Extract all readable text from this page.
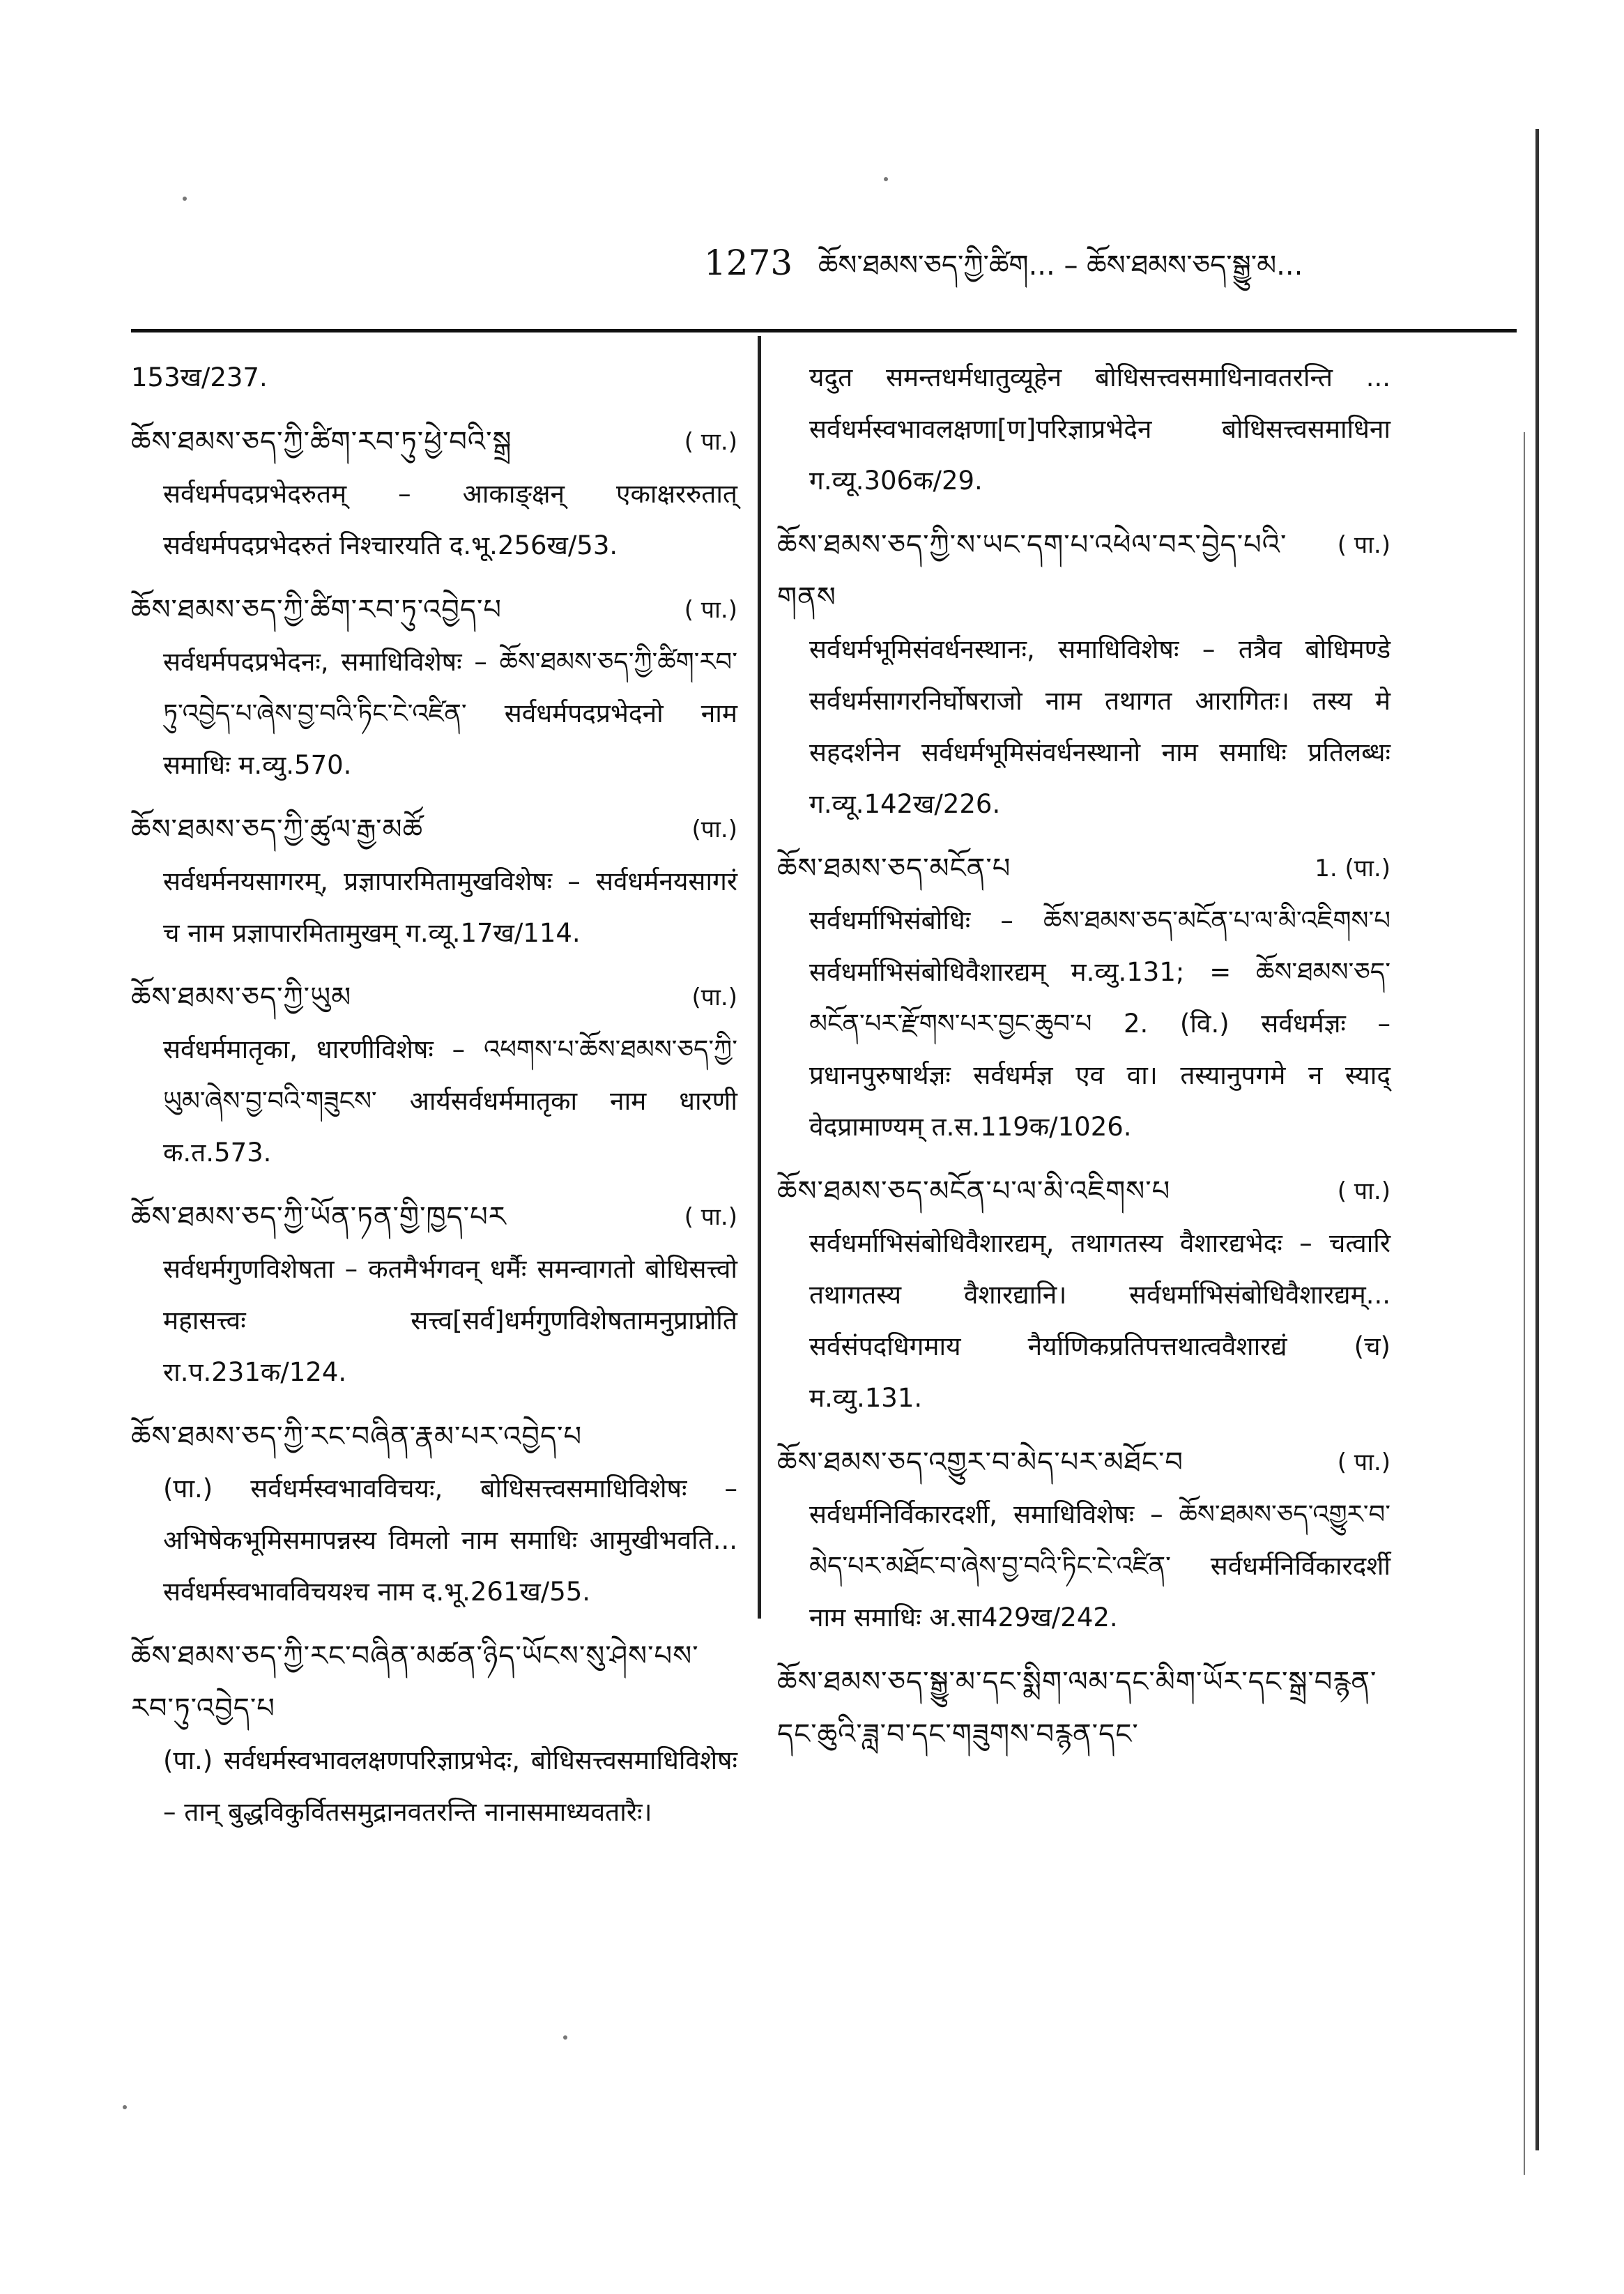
1273 ཆོས་ཐམས་ཅད་ཀྱི་ཚིག... – ཆོས་ཐམས་ཅད་སྒྱུ་མ...

153ख/237.

( पा.)
ཆོས་ཐམས་ཅད་ཀྱི་ཚིག་རབ་ཏུ་ཕྱེ་བའི་སྒྲ

सर्वधर्मपदप्रभेदरुतम् – आकाङ्क्षन् एकाक्षररुतात् सर्वधर्मपदप्रभेदरुतं निश्चारयति द.भू.256ख/53.

( पा.)
ཆོས་ཐམས་ཅད་ཀྱི་ཚིག་རབ་ཏུ་འབྱེད་པ

सर्वधर्मपदप्रभेदनः, समाधिविशेषः – ཆོས་ཐམས་ཅད་ཀྱི་ཚིག་རབ་ཏུ་འབྱེད་པ་ཞེས་བྱ་བའི་ཏིང་ངེ་འཛིན་ सर्वधर्मपदप्रभेदनो नाम समाधिः म.व्यु.570.

(पा.)
ཆོས་ཐམས་ཅད་ཀྱི་ཚུལ་རྒྱ་མཚོ

सर्वधर्मनयसागरम्, प्रज्ञापारमितामुखविशेषः – सर्वधर्मनयसागरं च नाम प्रज्ञापारमितामुखम् ग.व्यू.17ख/114.

(पा.)
ཆོས་ཐམས་ཅད་ཀྱི་ཡུམ

सर्वधर्ममातृका, धारणीविशेषः – འཕགས་པ་ཆོས་ཐམས་ཅད་ཀྱི་ཡུམ་ཞེས་བྱ་བའི་གཟུངས་ आर्यसर्वधर्ममातृका नाम धारणी क.त.573.

( पा.)
ཆོས་ཐམས་ཅད་ཀྱི་ཡོན་ཏན་གྱི་ཁྱད་པར

सर्वधर्मगुणविशेषता – कतमैर्भगवन् धर्मैः समन्वागतो बोधिसत्त्वो महासत्त्वः सत्त्व[सर्व]धर्मगुणविशेषतामनुप्राप्नोति रा.प.231क/124.

ཆོས་ཐམས་ཅད་ཀྱི་རང་བཞིན་རྣམ་པར་འབྱེད་པ

(पा.) सर्वधर्मस्वभावविचयः, बोधिसत्त्वसमाधिविशेषः – अभिषेकभूमिसमापन्नस्य विमलो नाम समाधिः आमुखीभवति... सर्वधर्मस्वभावविचयश्च नाम द.भू.261ख/55.

ཆོས་ཐམས་ཅད་ཀྱི་རང་བཞིན་མཚན་ཉིད་ཡོངས་སུ་ཤེས་པས་རབ་ཏུ་འབྱེད་པ

(पा.) सर्वधर्मस्वभावलक्षणपरिज्ञाप्रभेदः, बोधिसत्त्वसमाधिविशेषः – तान् बुद्धविकुर्वितसमुद्रानवतरन्ति नानासमाध्यवतारैः।

यदुत समन्तधर्मधातुव्यूहेन बोधिसत्त्वसमाधिनावतरन्ति ... सर्वधर्मस्वभावलक्षणा[ण]परिज्ञाप्रभेदेन बोधिसत्त्वसमाधिना ग.व्यू.306क/29.

( पा.)
ཆོས་ཐམས་ཅད་ཀྱི་ས་ཡང་དག་པ་འཕེལ་བར་བྱེད་པའི་གནས

सर्वधर्मभूमिसंवर्धनस्थानः, समाधिविशेषः – तत्रैव बोधिमण्डे सर्वधर्मसागरनिर्घोषराजो नाम तथागत आरागितः। तस्य मे सहदर्शनेन सर्वधर्मभूमिसंवर्धनस्थानो नाम समाधिः प्रतिलब्धः ग.व्यू.142ख/226.

1. (पा.)
ཆོས་ཐམས་ཅད་མངོན་པ

सर्वधर्माभिसंबोधिः – ཆོས་ཐམས་ཅད་མངོན་པ་ལ་མི་འཇིགས་པ सर्वधर्माभिसंबोधिवैशारद्यम् म.व्यु.131; = ཆོས་ཐམས་ཅད་མངོན་པར་རྫོགས་པར་བྱང་ཆུབ་པ 2. (वि.) सर्वधर्मज्ञः – प्रधानपुरुषार्थज्ञः सर्वधर्मज्ञ एव वा। तस्यानुपगमे न स्याद् वेदप्रामाण्यम् त.स.119क/1026.

( पा.)
ཆོས་ཐམས་ཅད་མངོན་པ་ལ་མི་འཇིགས་པ

सर्वधर्माभिसंबोधिवैशारद्यम्, तथागतस्य वैशारद्यभेदः – चत्वारि तथागतस्य वैशारद्यानि। सर्वधर्माभिसंबोधिवैशारद्यम्... सर्वसंपदधिगमाय नैर्याणिकप्रतिपत्तथात्ववैशारद्यं (च) म.व्यु.131.

( पा.)
ཆོས་ཐམས་ཅད་འགྱུར་བ་མེད་པར་མཐོང་བ

सर्वधर्मनिर्विकारदर्शी, समाधिविशेषः – ཆོས་ཐམས་ཅད་འགྱུར་བ་མེད་པར་མཐོང་བ་ཞེས་བྱ་བའི་ཏིང་ངེ་འཛིན་ सर्वधर्मनिर्विकारदर्शी नाम समाधिः अ.सा429ख/242.

ཆོས་ཐམས་ཅད་སྒྱུ་མ་དང་སྨིག་ལམ་དང་མིག་ཡོར་དང་སྒྲ་བརྙན་དང་ཆུའི་ཟླ་བ་དང་གཟུགས་བརྙན་དང་
